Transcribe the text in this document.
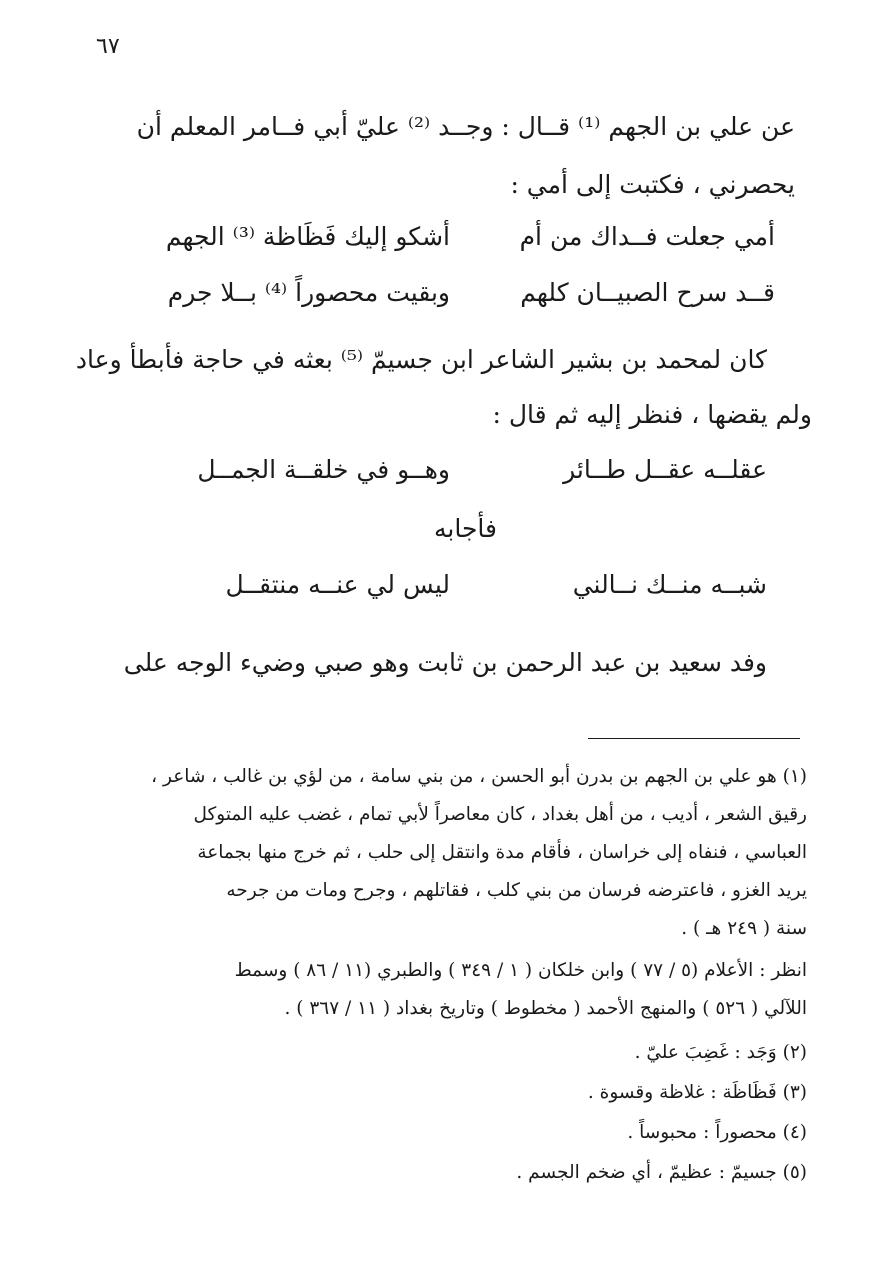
٦٧
عن علي بن الجهم ⁽¹⁾ قــال : وجــد ⁽²⁾ عليّ أبي فــامر المعلم أن
يحصرني ، فكتبت إلى أمي :
أمي جعلت فــداك من أم
أشكو إليك فَظَاظة ⁽³⁾ الجهم
قــد سرح الصبيــان كلهم
وبقيت محصوراً ⁽⁴⁾ بــلا جرم
كان لمحمد بن بشير الشاعر ابن جسيمّ ⁽⁵⁾ بعثه في حاجة فأبطأ وعاد
ولم يقضها ، فنظر إليه ثم قال :
عقلــه عقــل طــائر
وهــو في خلقــة الجمــل
فأجابه
شبــه منــك نــالني
ليس لي عنــه منتقــل
وفد سعيد بن عبد الرحمن بن ثابت وهو صبي وضيء الوجه على
(١) هو علي بن الجهم بن بدرن أبو الحسن ، من بني سامة ، من لؤي بن غالب ، شاعر ،
رقيق الشعر ، أديب ، من أهل بغداد ، كان معاصراً لأبي تمام ، غضب عليه المتوكل
العباسي ، فنفاه إلى خراسان ، فأقام مدة وانتقل إلى حلب ، ثم خرج منها بجماعة
يريد الغزو ، فاعترضه فرسان من بني كلب ، فقاتلهم ، وجرح ومات من جرحه
سنة ( ٢٤٩ هـ ) .
انظر : الأعلام (٥ / ٧٧ ) وابن خلكان ( ١ / ٣٤٩ ) والطبري (١١ / ٨٦ ) وسمط
اللآلي ( ٥٢٦ ) والمنهج الأحمد ( مخطوط ) وتاريخ بغداد ( ١١ / ٣٦٧ ) .
(٢) وَجَد : غَضِبَ عليّ .
(٣) فَظَاظَة : غلاظة وقسوة .
(٤) محصوراً : محبوساً .
(٥) جسيمّ : عظيمّ ، أي ضخم الجسم .
